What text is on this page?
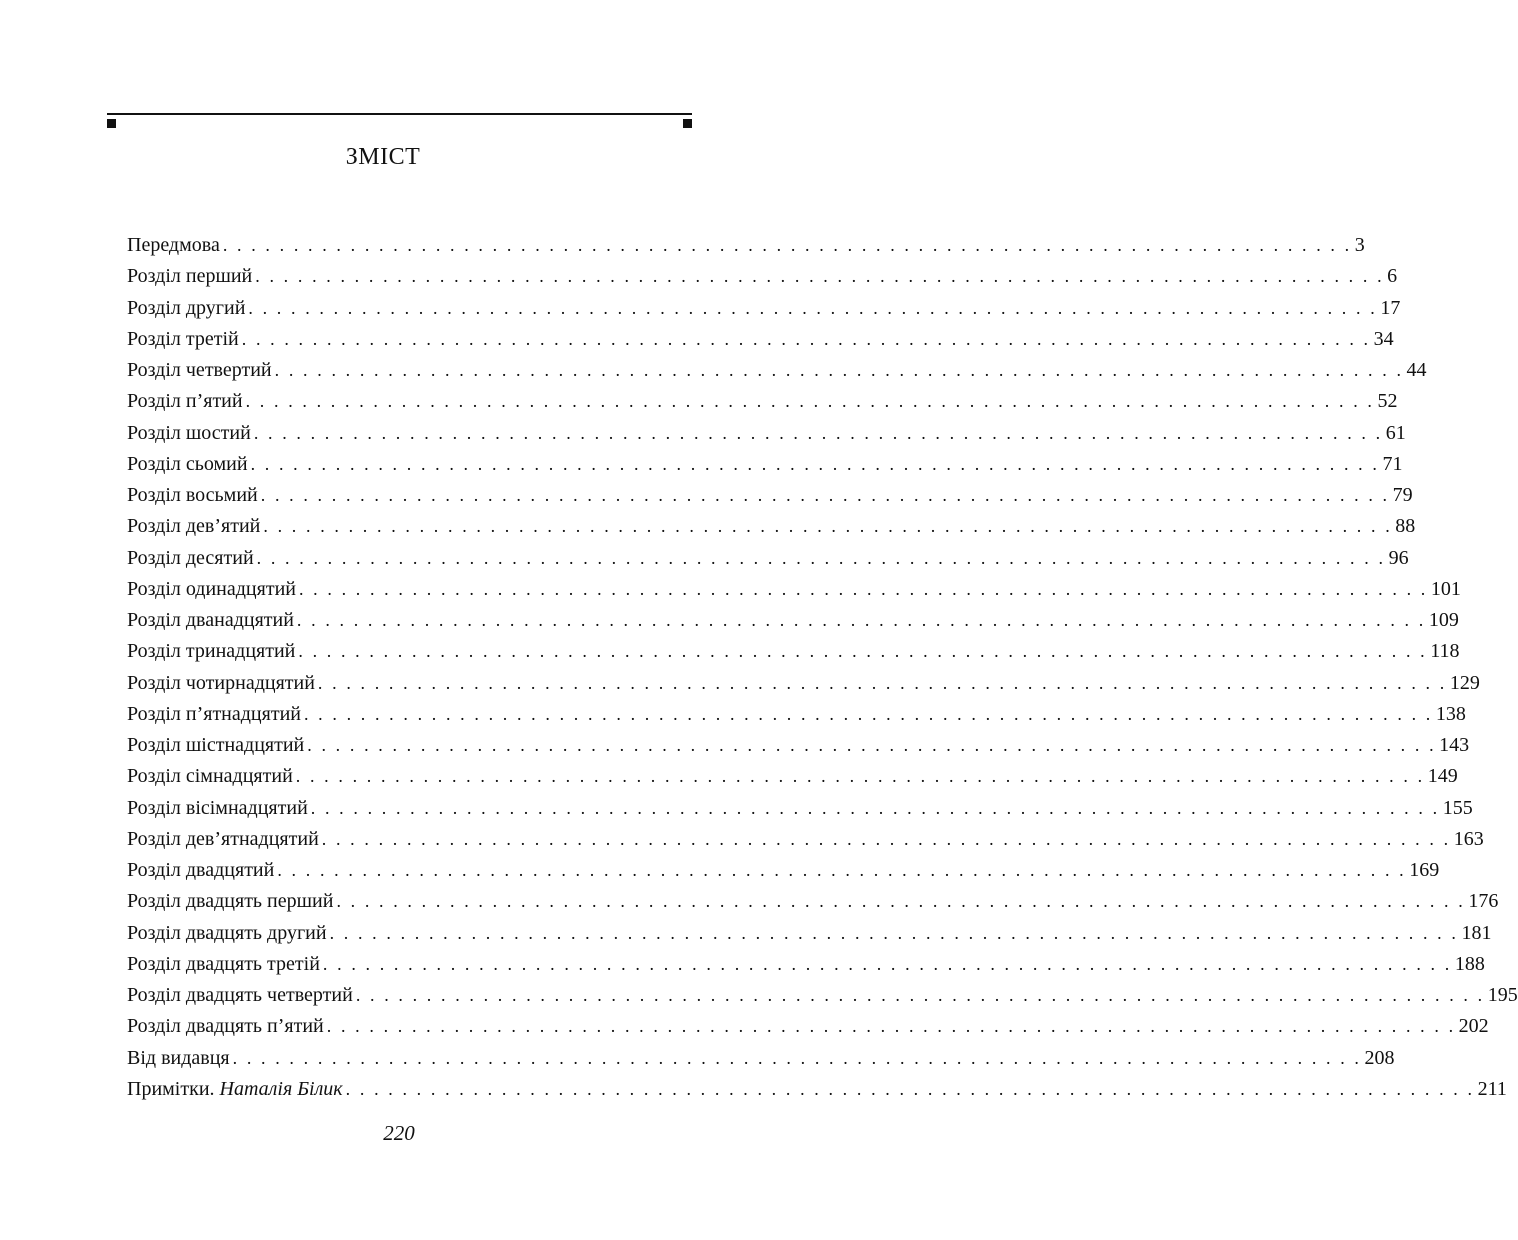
ЗМІСТ
Передмова . . . . . . . . . . . . . . . . . . . . . . . . . . . . . . . . . . . . . . . . . . . . . . . . . . . . . . . . . . . . . . . . . . . . . . . . . . . . . . . . 3
Розділ перший . . . . . . . . . . . . . . . . . . . . . . . . . . . . . . . . . . . . . . . . . . . . . . . . . . . . . . . . . . . . . . . . . . . . . . . . . . . . . . . . 6
Розділ другий . . . . . . . . . . . . . . . . . . . . . . . . . . . . . . . . . . . . . . . . . . . . . . . . . . . . . . . . . . . . . . . . . . . . . . . . . . . . . . . . 17
Розділ третій . . . . . . . . . . . . . . . . . . . . . . . . . . . . . . . . . . . . . . . . . . . . . . . . . . . . . . . . . . . . . . . . . . . . . . . . . . . . . . . . 34
Розділ четвертий . . . . . . . . . . . . . . . . . . . . . . . . . . . . . . . . . . . . . . . . . . . . . . . . . . . . . . . . . . . . . . . . . . . . . . . . . . . . . . . . 44
Розділ п’ятий . . . . . . . . . . . . . . . . . . . . . . . . . . . . . . . . . . . . . . . . . . . . . . . . . . . . . . . . . . . . . . . . . . . . . . . . . . . . . . . . 52
Розділ шостий . . . . . . . . . . . . . . . . . . . . . . . . . . . . . . . . . . . . . . . . . . . . . . . . . . . . . . . . . . . . . . . . . . . . . . . . . . . . . . . . 61
Розділ сьомий . . . . . . . . . . . . . . . . . . . . . . . . . . . . . . . . . . . . . . . . . . . . . . . . . . . . . . . . . . . . . . . . . . . . . . . . . . . . . . . . 71
Розділ восьмий . . . . . . . . . . . . . . . . . . . . . . . . . . . . . . . . . . . . . . . . . . . . . . . . . . . . . . . . . . . . . . . . . . . . . . . . . . . . . . . . 79
Розділ дев’ятий . . . . . . . . . . . . . . . . . . . . . . . . . . . . . . . . . . . . . . . . . . . . . . . . . . . . . . . . . . . . . . . . . . . . . . . . . . . . . . . . 88
Розділ десятий . . . . . . . . . . . . . . . . . . . . . . . . . . . . . . . . . . . . . . . . . . . . . . . . . . . . . . . . . . . . . . . . . . . . . . . . . . . . . . . . 96
Розділ одинадцятий . . . . . . . . . . . . . . . . . . . . . . . . . . . . . . . . . . . . . . . . . . . . . . . . . . . . . . . . . . . . . . . . . . . . . . . . . . . . . . . . 101
Розділ дванадцятий . . . . . . . . . . . . . . . . . . . . . . . . . . . . . . . . . . . . . . . . . . . . . . . . . . . . . . . . . . . . . . . . . . . . . . . . . . . . . . . . 109
Розділ тринадцятий . . . . . . . . . . . . . . . . . . . . . . . . . . . . . . . . . . . . . . . . . . . . . . . . . . . . . . . . . . . . . . . . . . . . . . . . . . . . . . . . 118
Розділ чотирнадцятий . . . . . . . . . . . . . . . . . . . . . . . . . . . . . . . . . . . . . . . . . . . . . . . . . . . . . . . . . . . . . . . . . . . . . . . . . . . . . . . . 129
Розділ п’ятнадцятий . . . . . . . . . . . . . . . . . . . . . . . . . . . . . . . . . . . . . . . . . . . . . . . . . . . . . . . . . . . . . . . . . . . . . . . . . . . . . . . . 138
Розділ шістнадцятий . . . . . . . . . . . . . . . . . . . . . . . . . . . . . . . . . . . . . . . . . . . . . . . . . . . . . . . . . . . . . . . . . . . . . . . . . . . . . . . . 143
Розділ сімнадцятий . . . . . . . . . . . . . . . . . . . . . . . . . . . . . . . . . . . . . . . . . . . . . . . . . . . . . . . . . . . . . . . . . . . . . . . . . . . . . . . . 149
Розділ вісімнадцятий . . . . . . . . . . . . . . . . . . . . . . . . . . . . . . . . . . . . . . . . . . . . . . . . . . . . . . . . . . . . . . . . . . . . . . . . . . . . . . . . 155
Розділ дев’ятнадцятий . . . . . . . . . . . . . . . . . . . . . . . . . . . . . . . . . . . . . . . . . . . . . . . . . . . . . . . . . . . . . . . . . . . . . . . . . . . . . . . . 163
Розділ двадцятий . . . . . . . . . . . . . . . . . . . . . . . . . . . . . . . . . . . . . . . . . . . . . . . . . . . . . . . . . . . . . . . . . . . . . . . . . . . . . . . . 169
Розділ двадцять перший . . . . . . . . . . . . . . . . . . . . . . . . . . . . . . . . . . . . . . . . . . . . . . . . . . . . . . . . . . . . . . . . . . . . . . . . . . . . . . . . 176
Розділ двадцять другий . . . . . . . . . . . . . . . . . . . . . . . . . . . . . . . . . . . . . . . . . . . . . . . . . . . . . . . . . . . . . . . . . . . . . . . . . . . . . . . . 181
Розділ двадцять третій . . . . . . . . . . . . . . . . . . . . . . . . . . . . . . . . . . . . . . . . . . . . . . . . . . . . . . . . . . . . . . . . . . . . . . . . . . . . . . . . 188
Розділ двадцять четвертий . . . . . . . . . . . . . . . . . . . . . . . . . . . . . . . . . . . . . . . . . . . . . . . . . . . . . . . . . . . . . . . . . . . . . . . . . . . . . . . . 195
Розділ двадцять п’ятий . . . . . . . . . . . . . . . . . . . . . . . . . . . . . . . . . . . . . . . . . . . . . . . . . . . . . . . . . . . . . . . . . . . . . . . . . . . . . . . . 202
Від видавця . . . . . . . . . . . . . . . . . . . . . . . . . . . . . . . . . . . . . . . . . . . . . . . . . . . . . . . . . . . . . . . . . . . . . . . . . . . . . . . . 208
Примітки. Наталія Білик . . . . . . . . . . . . . . . . . . . . . . . . . . . . . . . . . . . . . . . . . . . . . . . . . . . . . . . . . . . . . . . . . . . . . . . . . . . . . . . . 211
220
